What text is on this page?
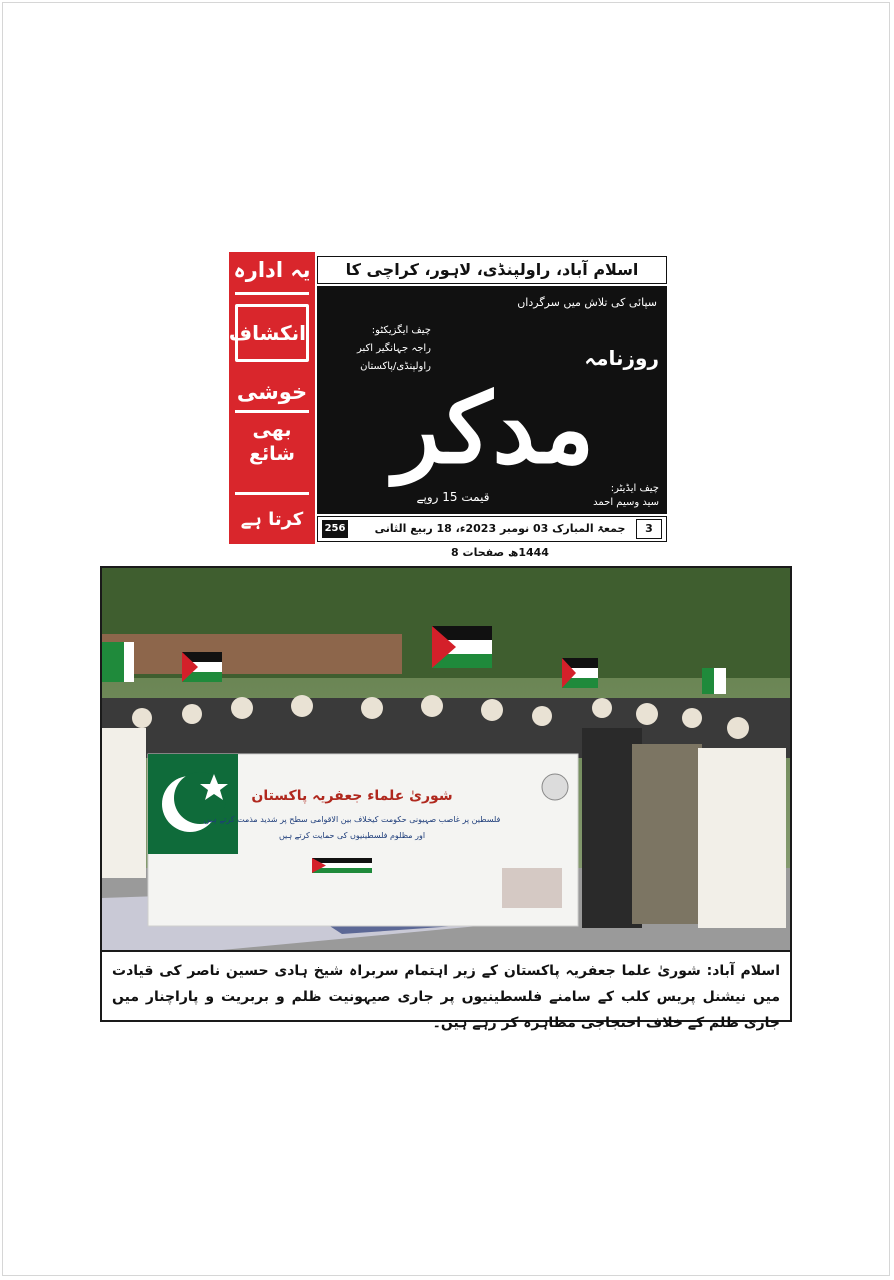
یہ ادارہ
انکشاف
خوشی
بھی شائع
کرتا ہے
اسلام آباد، راولپنڈی، لاہور، کراچی کا
سپائی کی تلاش میں سرگرداں
چیف ایگزیکٹو:
راجہ جہانگیر اکبر
راولپنڈی/پاکستان	روزنامہ
مدکر
چیف ایڈیٹر:
سید وسیم احمد
قیمت 15 روپے
3
جمعۃ المبارک 03 نومبر 2023ء، 18 ربیع الثانی 1444ھ صفحات 8
256
شوریٰ علماء جعفریہ پاکستان
فلسطین پر غاصب صہیونی حکومت کیخلاف بین الاقوامی سطح پر شدید مذمت کرتے ہیں
اور مظلوم فلسطینیوں کی حمایت کرتے ہیں
اسلام آباد: شوریٰ علما جعفریہ پاکستان کے زیر اہتمام سربراہ شیخ ہادی حسین ناصر کی قیادت میں نیشنل پریس کلب کے سامنے فلسطینیوں پر جاری صیہونیت ظلم و بربریت و پاراچنار میں جاری ظلم کے خلاف احتجاجی مظاہرہ کر رہے ہیں۔
